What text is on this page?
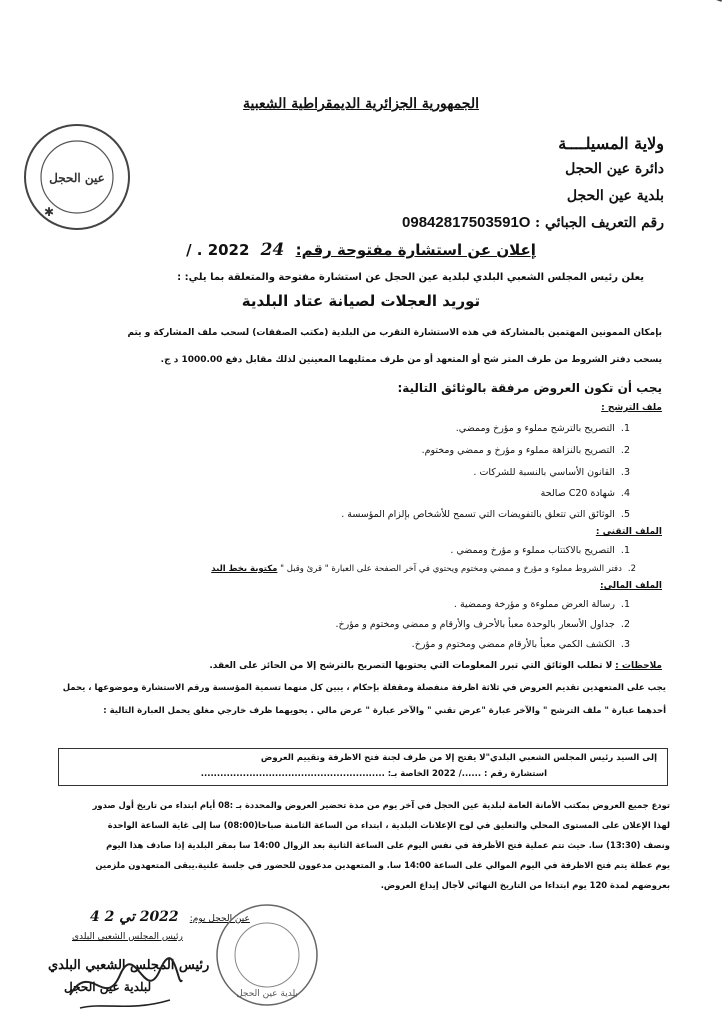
عين الحجل
✱
الجمهورية الجزائرية الديمقراطية الشعبية
ولاية المسيلــــة
دائرة عين الحجل
بلدية عين الحجل
رقم التعريف الجبائي : 09842817503591O
إعلان عن استشارة مفتوحة رقم: 24 2022 . /
يعلن رئيس المجلس الشعبي البلدي لبلدية عين الحجل عن استشارة مفتوحة والمتعلقة بما يلي: :
توريد العجلات لصيانة عتاد البلدية
بإمكان الممونين المهتمين بالمشاركة في هذه الاستشارة التقرب من البلدية (مكتب الصفقات) لسحب ملف المشاركة و يتم
يسحب دفتر الشروط من طرف المتر شح أو المتعهد أو من طرف ممثليهما المعينين لذلك مقابل دفع 1000.00 د ج.
يجب أن تكون العروض مرفقة بالوثائق التالية:
ملف الترشح :
1.التصريح بالترشح مملوء و مؤرخ وممضي.
2.التصريح بالنزاهة مملوء و مؤرخ و ممضي ومختوم.
3.القانون الأساسي بالنسبة للشركات .
4.شهادة C20 صالحة
5.الوثائق التي تتعلق بالتفويضات التي تسمح للأشخاص بإلزام المؤسسة .
الملف التقني :
1.التصريح بالاكتتاب مملوء و مؤرخ وممضي .
2.دفتر الشروط مملوء و مؤرخ و ممضي ومختوم ويحتوي في آخر الصفحة على العبارة " قرئ وقبل " مكتوبة بخط اليد
الملف المالي:
1.رسالة العرض مملوءة و مؤرخة وممضية .
2.جداول الأسعار بالوحدة معبأ بالأحرف والأرقام و ممضي ومختوم و مؤرخ.
3.الكشف الكمي معبأ بالأرقام ممضي ومختوم و مؤرخ.
ملاحظات : لا تطلب الوثائق التي تبرر المعلومات التي يحتويها التصريح بالترشح إلا من الحائز على العقد.
يجب على المتعهدين تقديم العروض في ثلاثة اظرفة منفصلة ومقفلة بإحكام ، يبين كل منهما تسمية المؤسسة ورقم الاستشارة وموضوعها ، يحمل
أحدهما عبارة " ملف الترشح " والآخر عبارة "عرض تقني " والآخر عبارة " عرض مالي . يحويهما ظرف خارجي مغلق يحمل العبارة التالية :
إلى السيد رئيس المجلس الشعبي البلدي"لا يفتح إلا من طرف لجنة فتح الاظرفة وتقييم العروض
استشارة رقم : ....../ 2022 الخاصة بـ: .........................................................
تودع جميع العروض بمكتب الأمانة العامة لبلدية عين الحجل في آخر يوم من مدة تحضير العروض والمحددة بـ :08 أيام ابتداء من تاريخ أول صدور
لهذا الإعلان على المستوى المحلي والتعليق في لوح الإعلانات البلدية ، ابتداء من الساعة الثامنة صباحا(08:00) سا إلى غاية الساعة الواحدة
ونصف (13:30) سا. حيث تتم عملية فتح الأظرفة في نفس اليوم على الساعة الثانية بعد الزوال 14:00 سا بمقر البلدية إذا صادف هذا اليوم
يوم عطلة يتم فتح الاظرفة في اليوم الموالي على الساعة 14:00 سا. و المتعهدين مدعوون للحضور في جلسة علنية.يبقى المتعهدون ملزمين
بعروضهم لمدة 120 يوم ابتداءا من التاريخ النهائي لأجال إيداع العروض.
عين الحجل يوم: 2022 تي 2 4
رئيس المجلس الشعبي البلدي
بلدية عين الحجل
رئيس المجلس الشعبي البلدي
لبلدية عين الحجل
